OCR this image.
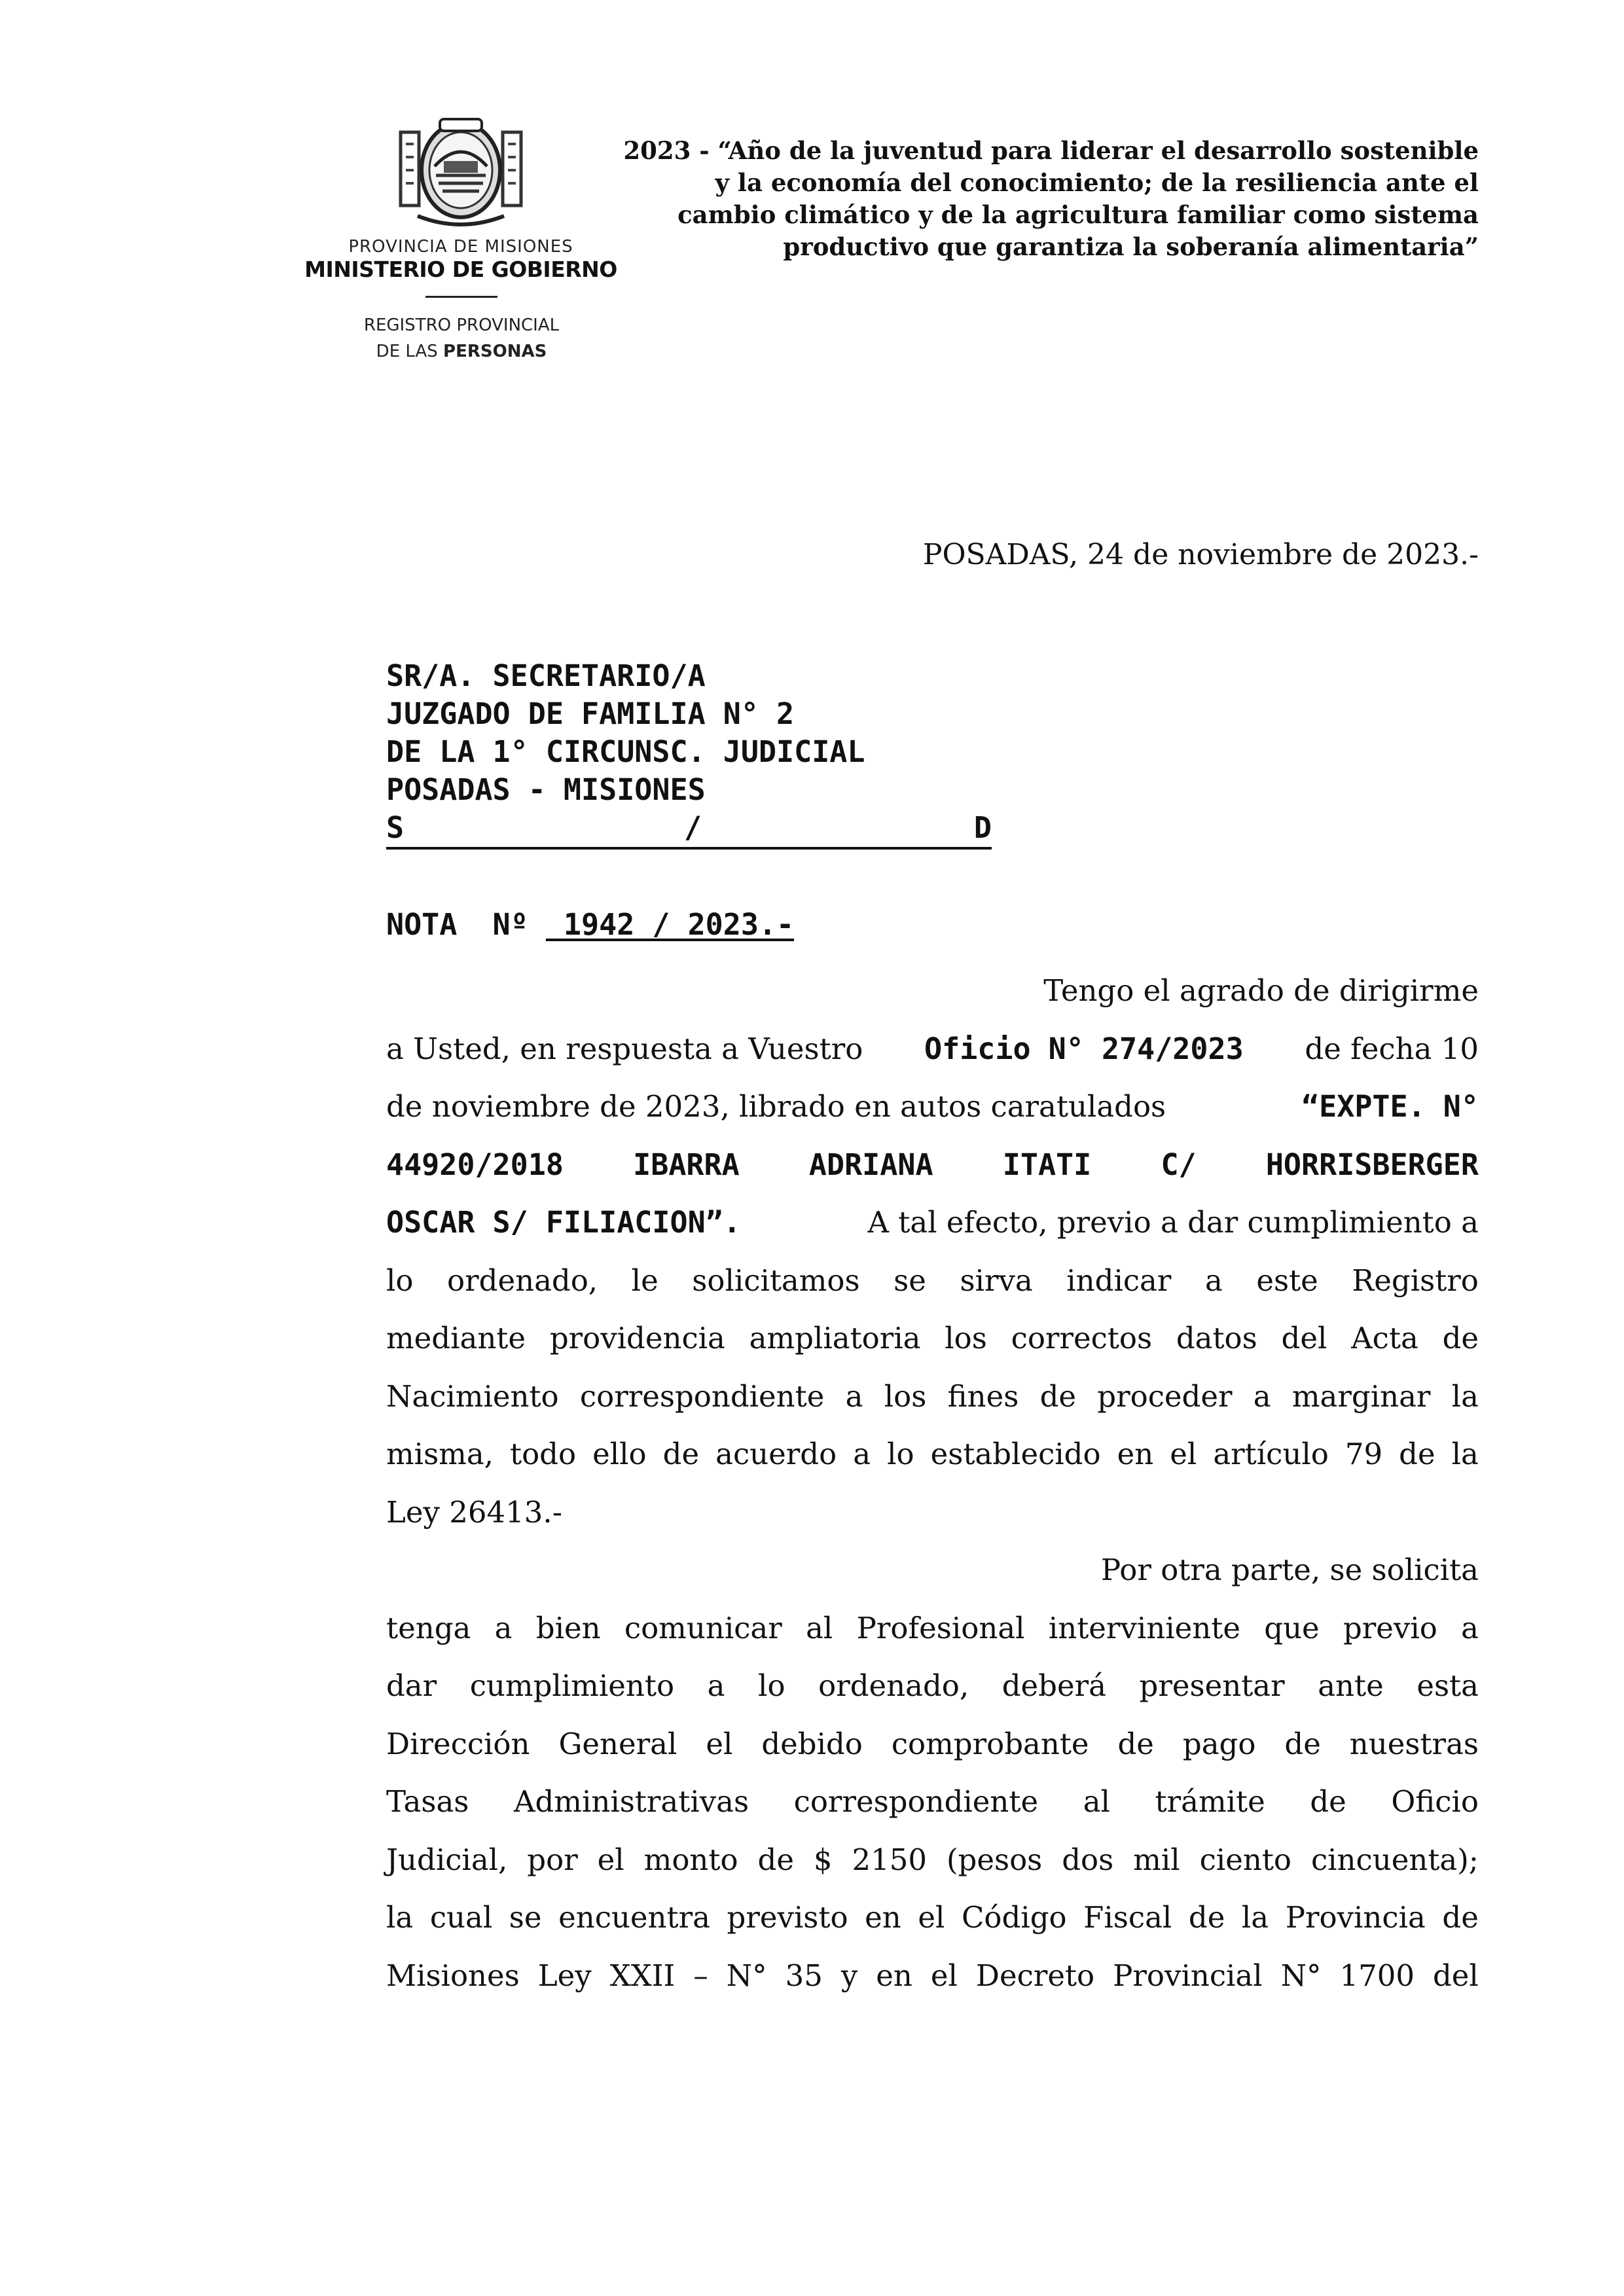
PROVINCIA DE MISIONES
MINISTERIO DE GOBIERNO
REGISTRO PROVINCIAL
DE LAS PERSONAS
2023 - “Año de la juventud para liderar el desarrollo sostenible
y la economía del conocimiento; de la resiliencia ante el
cambio climático y de la agricultura familiar como sistema
productivo que garantiza la soberanía alimentaria”
POSADAS, 24 de noviembre de 2023.-
SR/A. SECRETARIO/A
JUZGADO DE FAMILIA N° 2
DE LA 1° CIRCUNSC. JUDICIAL
POSADAS - MISIONES
S	/	D
NOTA  Nº  1942 / 2023.-
Tengo el agrado de dirigirme
a Usted, en respuesta a Vuestro Oficio N° 274/2023 de fecha 10
de noviembre de 2023, librado en autos caratulados	“EXPTE. N°
44920/2018 IBARRA ADRIANA ITATI C/ HORRISBERGER
OSCAR S/ FILIACION”.	A tal efecto, previo a dar cumplimiento a
lo ordenado, le solicitamos se sirva indicar a este Registro
mediante providencia ampliatoria los correctos datos del Acta de
Nacimiento correspondiente a los fines de proceder a marginar la
misma, todo ello de acuerdo a lo establecido en el artículo 79 de la
Ley 26413.-
Por otra parte, se solicita
tenga a bien comunicar al Profesional interviniente que previo a
dar cumplimiento a lo ordenado, deberá presentar ante esta
Dirección General el debido comprobante de pago de nuestras
Tasas Administrativas correspondiente al trámite de Oficio
Judicial, por el monto de $ 2150 (pesos dos mil ciento cincuenta);
la cual se encuentra previsto en el Código Fiscal de la Provincia de
Misiones Ley XXII – N° 35 y en el Decreto Provincial N° 1700 del
